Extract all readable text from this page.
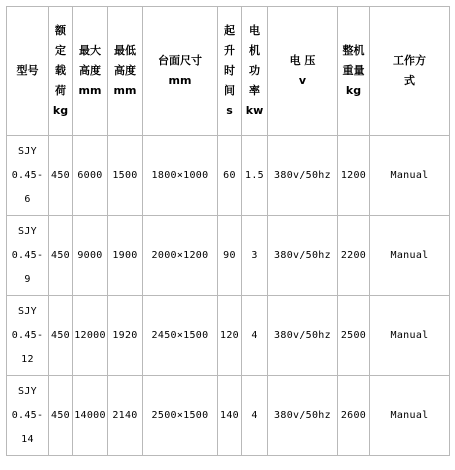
型号	额
定
载
荷
kg	最大
高度
mm	最低
高度
mm	台面尺寸
mm	起
升
时
间
s	电
机
功
率
kw	电 压
v	整机
重量
kg	工作方
式

SJY
0.45-
6	450	6000	1500	1800×1000	60	1.5	380v/50hz	1200	Manual

SJY
0.45-
9	450	9000	1900	2000×1200	90	3	380v/50hz	2200	Manual

SJY
0.45-
12	450	12000	1920	2450×1500	120	4	380v/50hz	2500	Manual

SJY
0.45-
14	450	14000	2140	2500×1500	140	4	380v/50hz	2600	Manual
